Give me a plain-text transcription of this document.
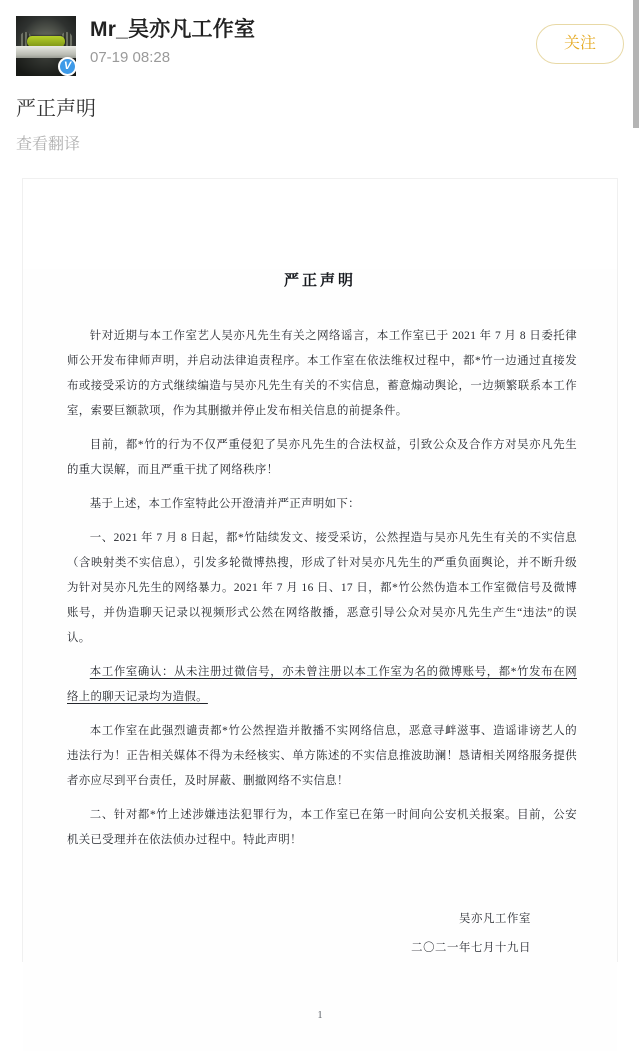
V
Mr_吴亦凡工作室
07-19 08:28
关注
严正声明
查看翻译
严正声明

针对近期与本工作室艺人吴亦凡先生有关之网络谣言，本工作室已于 2021 年 7 月 8 日委托律师公开发布律师声明，并启动法律追责程序。本工作室在依法维权过程中，都*竹一边通过直接发布或接受采访的方式继续编造与吴亦凡先生有关的不实信息，蓄意煽动舆论，一边频繁联系本工作室，索要巨额款项，作为其删撤并停止发布相关信息的前提条件。

目前，都*竹的行为不仅严重侵犯了吴亦凡先生的合法权益，引致公众及合作方对吴亦凡先生的重大误解，而且严重干扰了网络秩序！

基于上述，本工作室特此公开澄清并严正声明如下：

一、2021 年 7 月 8 日起，都*竹陆续发文、接受采访，公然捏造与吴亦凡先生有关的不实信息（含映射类不实信息），引发多轮微博热搜，形成了针对吴亦凡先生的严重负面舆论，并不断升级为针对吴亦凡先生的网络暴力。2021 年 7 月 16 日、17 日，都*竹公然伪造本工作室微信号及微博账号，并伪造聊天记录以视频形式公然在网络散播，恶意引导公众对吴亦凡先生产生“违法”的误认。

本工作室确认：从未注册过微信号，亦未曾注册以本工作室为名的微博账号，都*竹发布在网络上的聊天记录均为造假。

本工作室在此强烈谴责都*竹公然捏造并散播不实网络信息，恶意寻衅滋事、造谣诽谤艺人的违法行为！正告相关媒体不得为未经核实、单方陈述的不实信息推波助澜！恳请相关网络服务提供者亦应尽到平台责任，及时屏蔽、删撤网络不实信息！

二、针对都*竹上述涉嫌违法犯罪行为，本工作室已在第一时间向公安机关报案。目前，公安机关已受理并在依法侦办过程中。特此声明！

吴亦凡工作室
二〇二一年七月十九日
1
